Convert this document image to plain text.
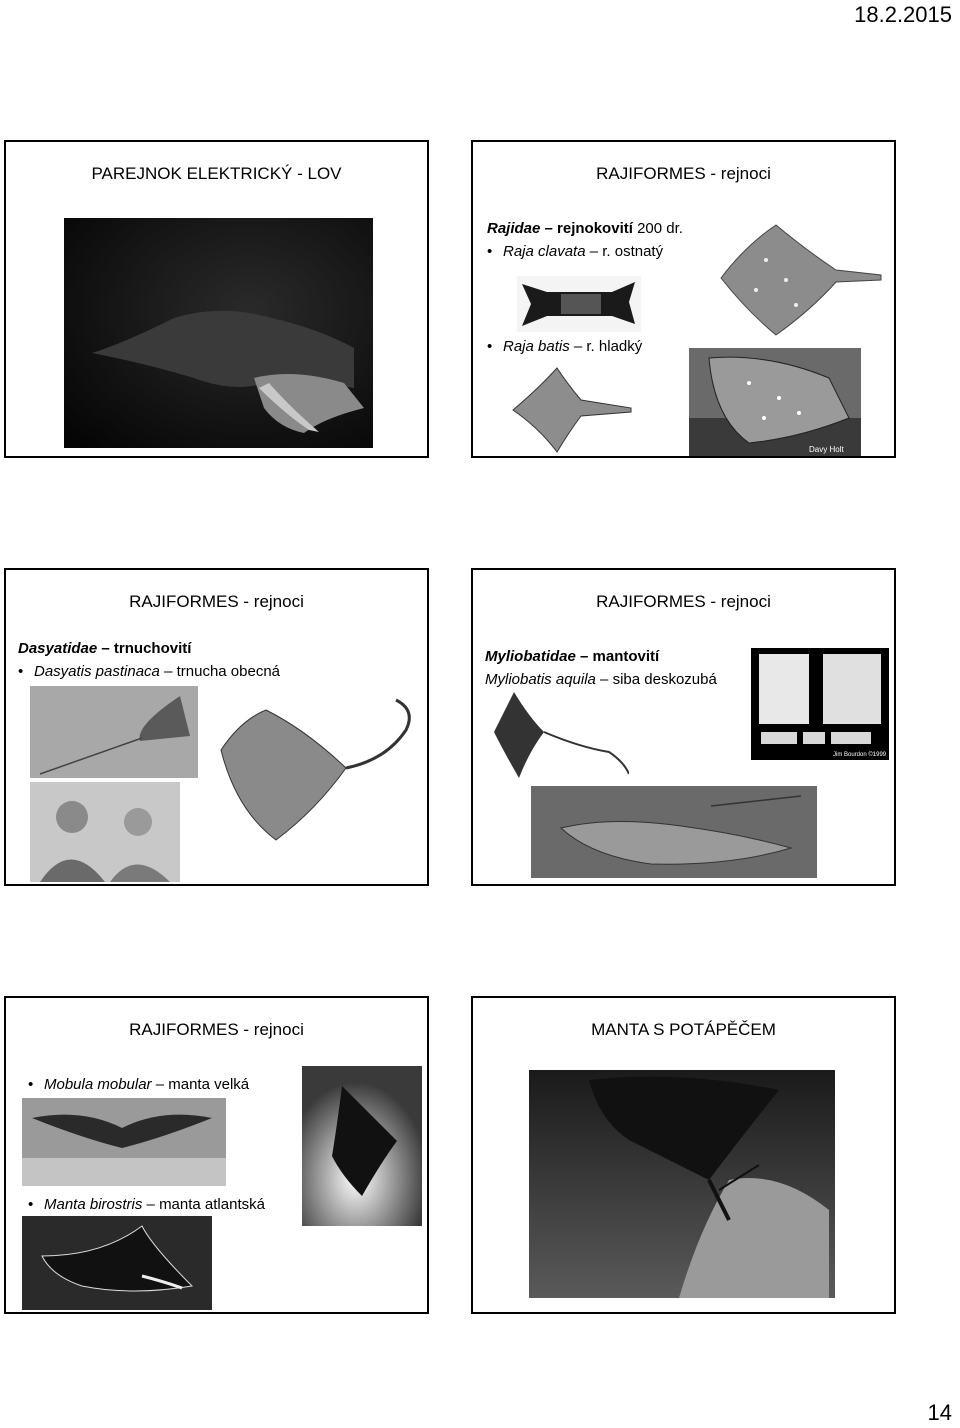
18.2.2015
PAREJNOK ELEKTRICKÝ - LOV	RAJIFORMES - rejnoci
Rajidae – rejnokovití 200 dr.
• Raja clavata – r. ostnatý
• Raja batis – r. hladký
Davy Holt
RAJIFORMES - rejnoci
Dasyatidae – trnuchovití
• Dasyatis pastinaca – trnucha obecná
RAJIFORMES - rejnoci
Myliobatidae – mantovití
Myliobatis aquila – siba deskozubá
Jim Bourdon ©1999
RAJIFORMES - rejnoci
• Mobula mobular – manta velká
• Manta birostris – manta atlantská
MANTA S POTÁPĚČEM
14
